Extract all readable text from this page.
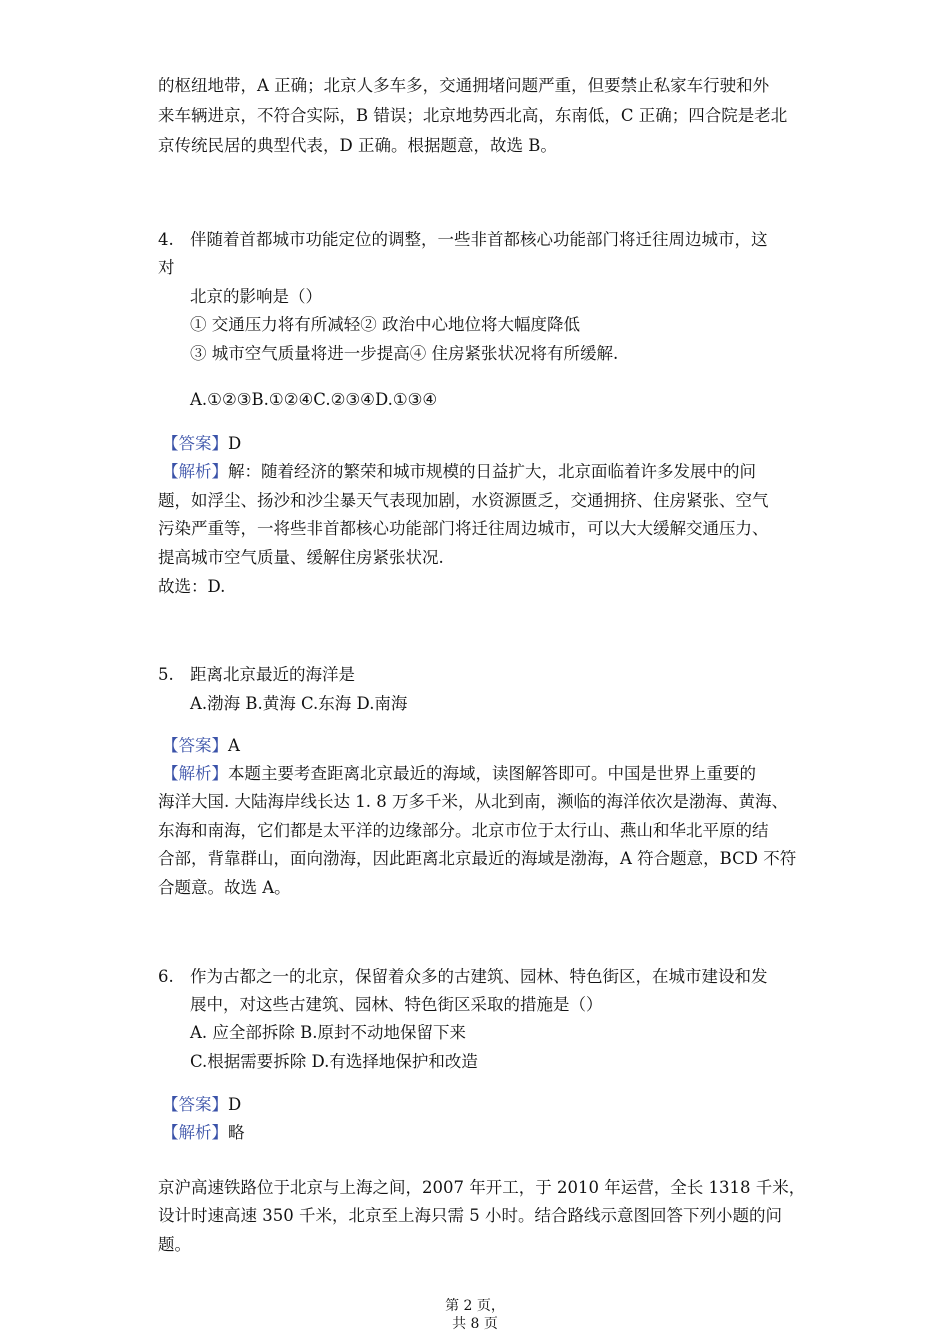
的枢纽地带，A 正确；北京人多车多，交通拥堵问题严重，但要禁止私家车行驶和外
来车辆进京，不符合实际，B 错误；北京地势西北高，东南低，C 正确；四合院是老北
京传统民居的典型代表，D 正确。根据题意，故选 B。
4. 伴随着首都城市功能定位的调整，一些非首都核心功能部门将迁往周边城市，这
对
北京的影响是（）
① 交通压力将有所减轻② 政治中心地位将大幅度降低
③ 城市空气质量将进一步提高④ 住房紧张状况将有所缓解.
A.①②③B.①②④C.②③④D.①③④
【答案】D
【解析】解：随着经济的繁荣和城市规模的日益扩大，北京面临着许多发展中的问
题，如浮尘、扬沙和沙尘暴天气表现加剧，水资源匮乏，交通拥挤、住房紧张、空气
污染严重等，一将些非首都核心功能部门将迁往周边城市，可以大大缓解交通压力、
提高城市空气质量、缓解住房紧张状况.
故选：D.
5. 距离北京最近的海洋是
A.渤海 B.黄海 C.东海 D.南海
【答案】A
【解析】本题主要考查距离北京最近的海域，读图解答即可。中国是世界上重要的
海洋大国. 大陆海岸线长达 1. 8 万多千米，从北到南，濒临的海洋依次是渤海、黄海、
东海和南海，它们都是太平洋的边缘部分。北京市位于太行山、燕山和华北平原的结
合部，背靠群山，面向渤海，因此距离北京最近的海域是渤海，A 符合题意，BCD 不符
合题意。故选 A。
6. 作为古都之一的北京，保留着众多的古建筑、园林、特色街区，在城市建设和发
展中，对这些古建筑、园林、特色街区采取的措施是（）
A. 应全部拆除 B.原封不动地保留下来
C.根据需要拆除 D.有选择地保护和改造
【答案】D
【解析】略
京沪高速铁路位于北京与上海之间，2007 年开工，于 2010 年运营，全长 1318 千米，
设计时速高速 350 千米，北京至上海只需 5 小时。结合路线示意图回答下列小题的问
题。
第 2 页，
共 8 页
